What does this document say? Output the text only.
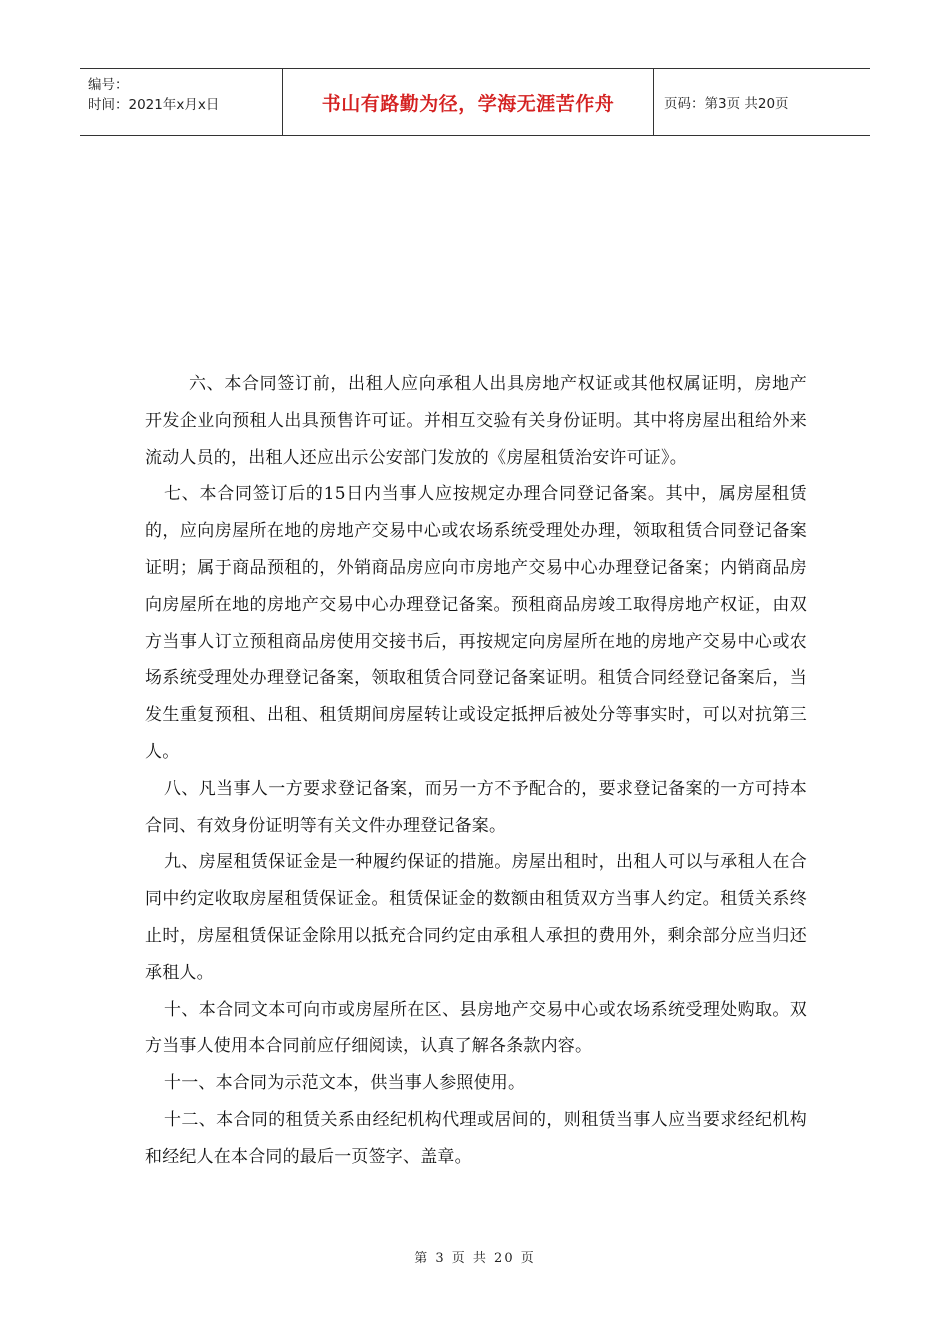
编号：
时间：2021年x月x日	书山有路勤为径，学海无涯苦作舟	页码：第3页 共20页

六、本合同签订前，出租人应向承租人出具房地产权证或其他权属证明，房地产开发企业向预租人出具预售许可证。并相互交验有关身份证明。其中将房屋出租给外来流动人员的，出租人还应出示公安部门发放的《房屋租赁治安许可证》。

七、本合同签订后的15日内当事人应按规定办理合同登记备案。其中，属房屋租赁的，应向房屋所在地的房地产交易中心或农场系统受理处办理，领取租赁合同登记备案证明；属于商品预租的，外销商品房应向市房地产交易中心办理登记备案；内销商品房向房屋所在地的房地产交易中心办理登记备案。预租商品房竣工取得房地产权证，由双方当事人订立预租商品房使用交接书后，再按规定向房屋所在地的房地产交易中心或农场系统受理处办理登记备案，领取租赁合同登记备案证明。租赁合同经登记备案后，当发生重复预租、出租、租赁期间房屋转让或设定抵押后被处分等事实时，可以对抗第三人。

八、凡当事人一方要求登记备案，而另一方不予配合的，要求登记备案的一方可持本合同、有效身份证明等有关文件办理登记备案。

九、房屋租赁保证金是一种履约保证的措施。房屋出租时，出租人可以与承租人在合同中约定收取房屋租赁保证金。租赁保证金的数额由租赁双方当事人约定。租赁关系终止时，房屋租赁保证金除用以抵充合同约定由承租人承担的费用外，剩余部分应当归还承租人。

十、本合同文本可向市或房屋所在区、县房地产交易中心或农场系统受理处购取。双方当事人使用本合同前应仔细阅读，认真了解各条款内容。

十一、本合同为示范文本，供当事人参照使用。

十二、本合同的租赁关系由经纪机构代理或居间的，则租赁当事人应当要求经纪机构和经纪人在本合同的最后一页签字、盖章。

第 3 页 共 20 页
